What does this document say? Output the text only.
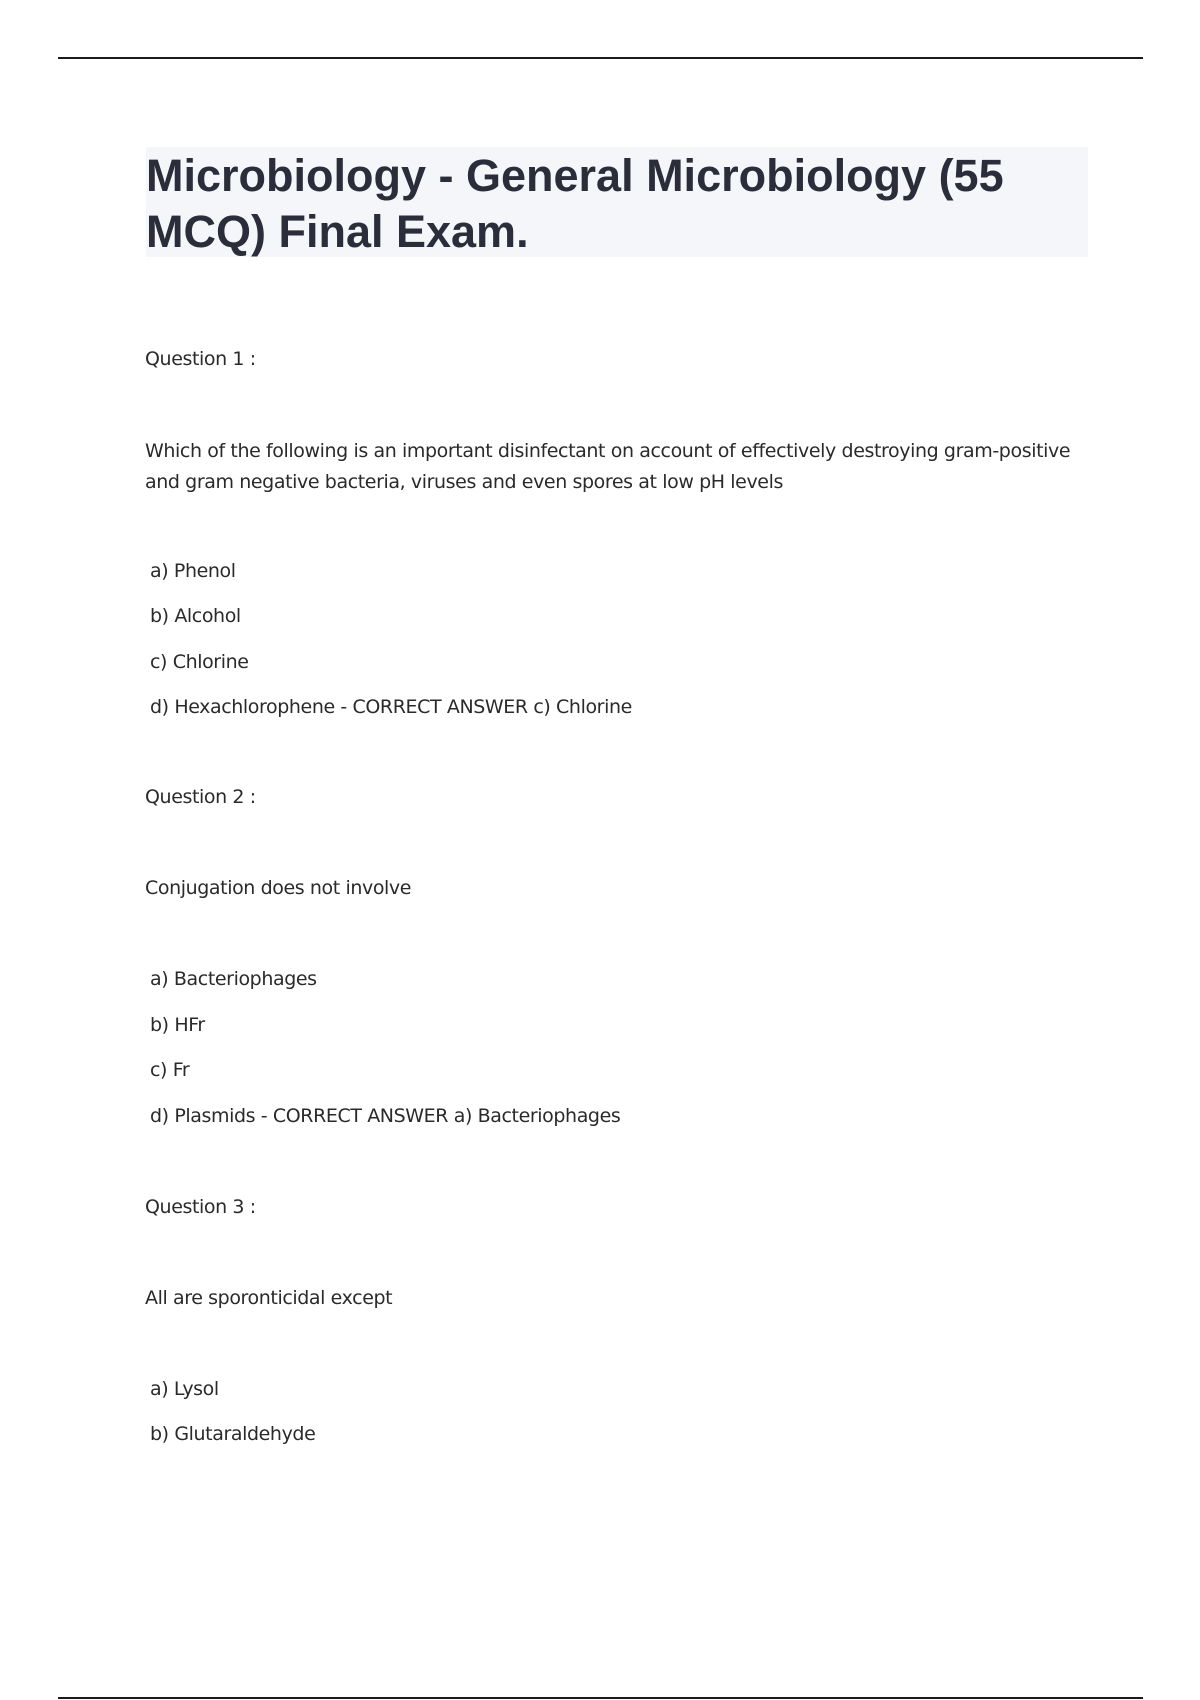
Microbiology - General Microbiology (55 MCQ) Final Exam.

Question 1 :

Which of the following is an important disinfectant on account of effectively destroying gram-positive and gram negative bacteria, viruses and even spores at low pH levels

a) Phenol

b) Alcohol

c) Chlorine

d) Hexachlorophene - CORRECT ANSWER c) Chlorine

Question 2 :

Conjugation does not involve

a) Bacteriophages

b) HFr

c) Fr

d) Plasmids - CORRECT ANSWER a) Bacteriophages

Question 3 :

All are sporonticidal except

a) Lysol

b) Glutaraldehyde
